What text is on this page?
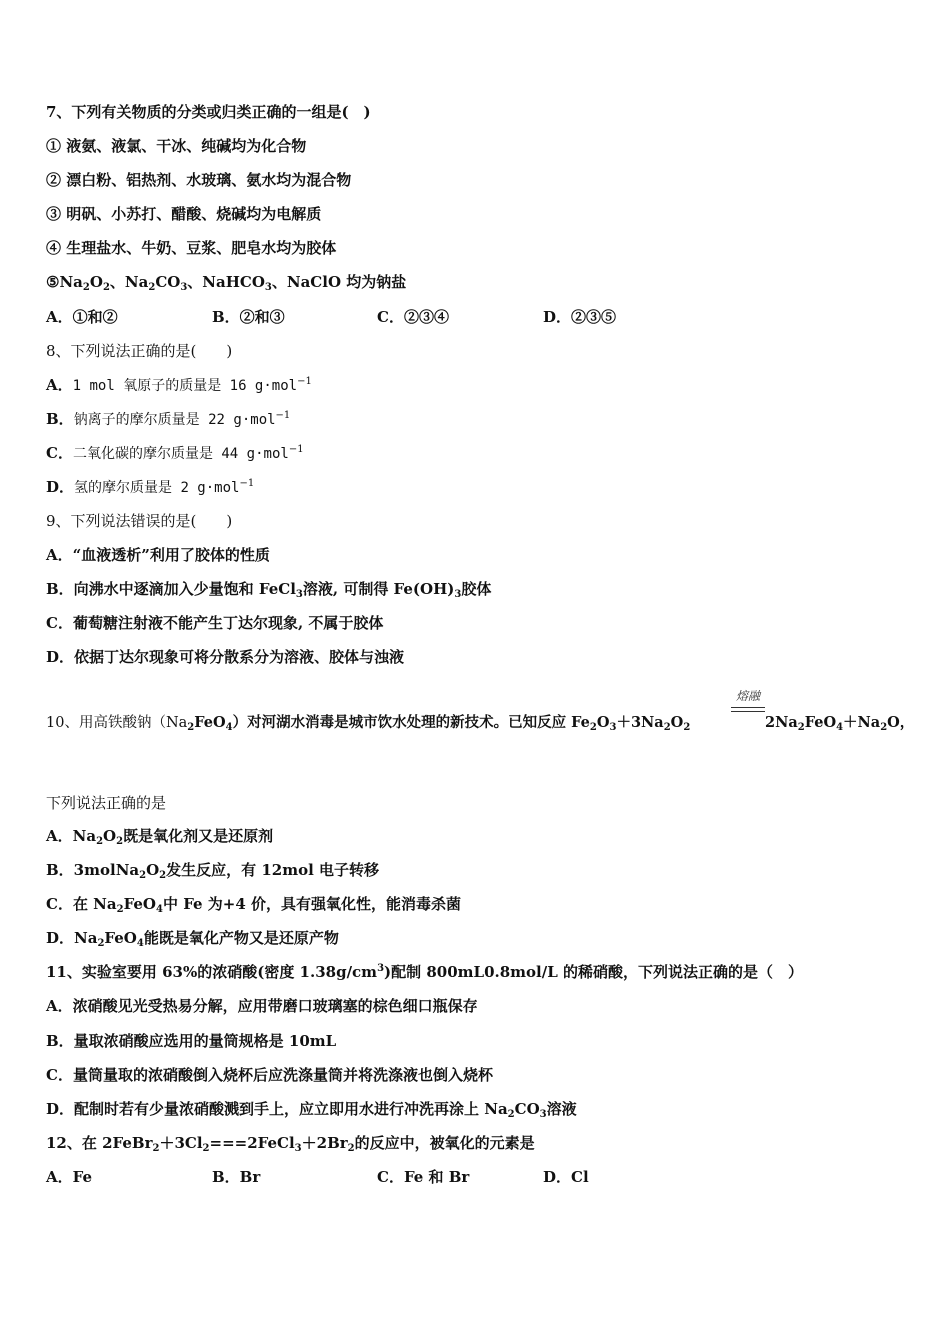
7、下列有关物质的分类或归类正确的一组是(　)
① 液氨、液氯、干冰、纯碱均为化合物
② 漂白粉、铝热剂、水玻璃、氨水均为混合物
③ 明矾、小苏打、醋酸、烧碱均为电解质
④ 生理盐水、牛奶、豆浆、肥皂水均为胶体
$⑤Na_2O_2$、$Na_2CO_3$、NaHCO$_3$、NaClO 均为钠盐
A．①和②	B．②和③	C．②③④	D．②③⑤
8、下列说法正确的是(　　)
A．1 mol 氧原子的质量是 16 g·mol$^{-1}$
B．钠离子的摩尔质量是 22 g·mol$^{-1}$
C．二氧化碳的摩尔质量是 44 g·mol$^{-1}$
D．氢的摩尔质量是 2 g·mol$^{-1}$
9、下列说法错误的是(　　)
A．“血液透析”利用了胶体的性质
B．向沸水中逐滴加入少量饱和 FeCl$_3$溶液, 可制得 $Fe(OH)_3$胶体
C．葡萄糖注射液不能产生丁达尔现象, 不属于胶体
D．依据丁达尔现象可将分散系分为溶液、胶体与浊液
10、用高铁酸钠$(Na_2FeO_4)$对河湖水消毒是城市饮水处理的新技术。已知反应 $Fe_2O_3+3Na_2O_2$
熔融
$2Na_2FeO_4+Na_2O$，
下列说法正确的是
A．$Na_2O_2$既是氧化剂又是还原剂
B．$3molNa_2O_2$发生反应，有 12mol 电子转移
C．在 $Na_2FeO_4$中 Fe 为+4 价，具有强氧化性，能消毒杀菌
D．$Na_2FeO_4$能既是氧化产物又是还原产物
11、实验室要用 63%的浓硝酸(密度 $1.38g/cm^3$)配制 800mL0.8mol/L 的稀硝酸，下列说法正确的是（　）
A．浓硝酸见光受热易分解，应用带磨口玻璃塞的棕色细口瓶保存
B．量取浓硝酸应选用的量筒规格是 10mL
C．量筒量取的浓硝酸倒入烧杯后应洗涤量筒并将洗涤液也倒入烧杯
D．配制时若有少量浓硝酸溅到手上，应立即用水进行冲洗再涂上 $Na_2CO_3$溶液
12、在 $2FeBr_2+3Cl_2===2FeCl_3+2Br_2$的反应中，被氧化的元素是
A．Fe	B．Br	C．Fe 和 Br	D．Cl
